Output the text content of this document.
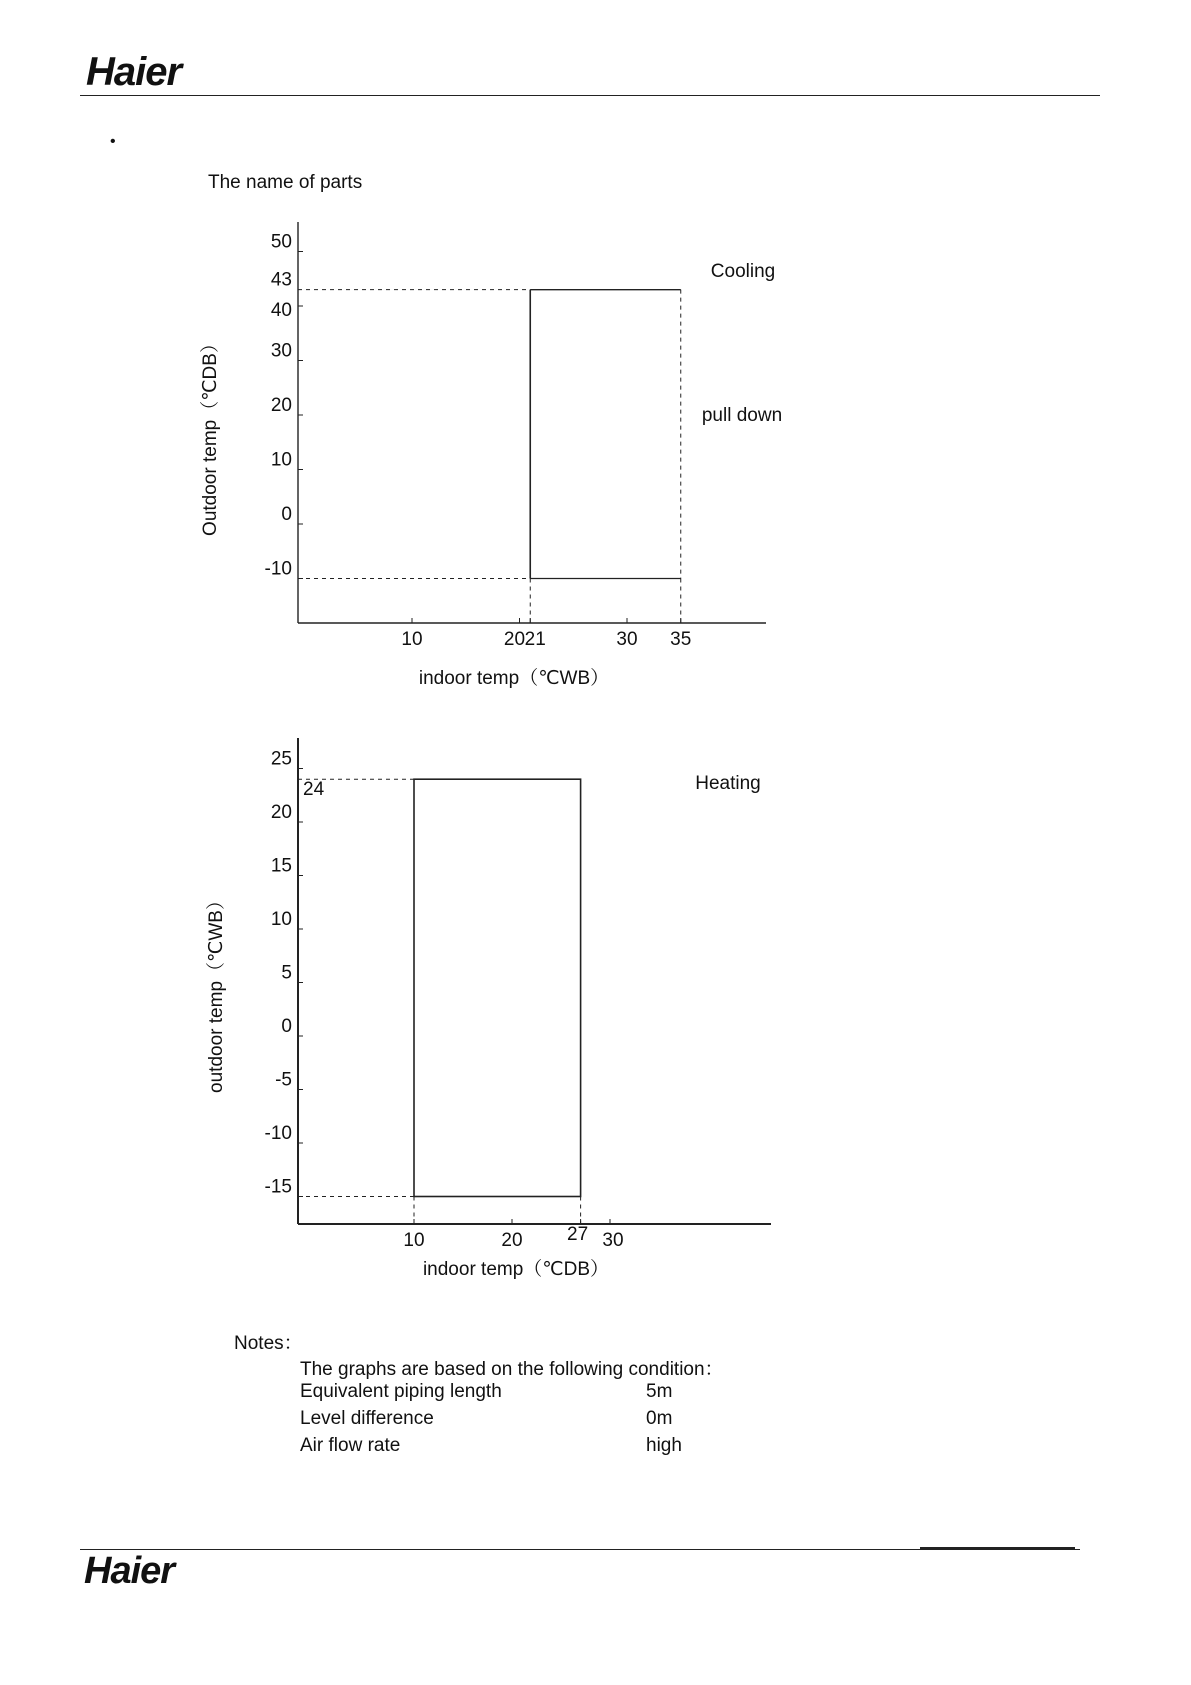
Haier
•
The name of parts
50
43
40
30
20
10
0
-10
10	20 21	30 35
Cooling
pull down
indoor temp（℃WB）
Outdoor temp（℃DB）
25
24
20
15
10
5
0
-5
-10
-15
10	20 27 30
Heating
indoor temp（℃DB）
outdoor temp（℃WB）
Notes：
The graphs are based on the following condition：
Equivalent piping length	5m
Level difference	0m
Air flow rate	high
Haier
